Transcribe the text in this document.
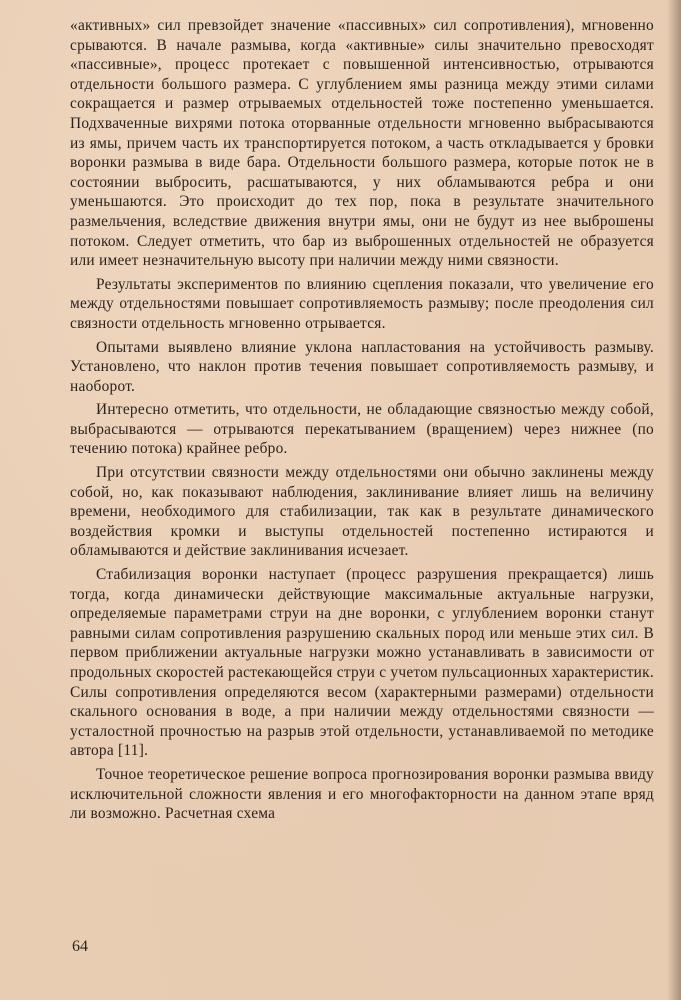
«активных» сил превзойдет значение «пассивных» сил сопротивления), мгновенно срываются. В начале размыва, когда «активные» силы значительно превосходят «пассивные», процесс протекает с повышенной интенсивностью, отрываются отдельности большого размера. С углублением ямы разница между этими силами сокращается и размер отрываемых отдельностей тоже постепенно уменьшается. Подхваченные вихрями потока оторванные отдельности мгновенно выбрасываются из ямы, причем часть их транспортируется потоком, а часть откладывается у бровки воронки размыва в виде бара. Отдельности большого размера, которые поток не в состоянии выбросить, расшатываются, у них обламываются ребра и они уменьшаются. Это происходит до тех пор, пока в результате значительного размельчения, вследствие движения внутри ямы, они не будут из нее выброшены потоком. Следует отметить, что бар из выброшенных отдельностей не образуется или имеет незначительную высоту при наличии между ними связности.

Результаты экспериментов по влиянию сцепления показали, что увеличение его между отдельностями повышает сопротивляемость размыву; после преодоления сил связности отдельность мгновенно отрывается.

Опытами выявлено влияние уклона напластования на устойчивость размыву. Установлено, что наклон против течения повышает сопротивляемость размыву, и наоборот.

Интересно отметить, что отдельности, не обладающие связностью между собой, выбрасываются — отрываются перекатыванием (вращением) через нижнее (по течению потока) крайнее ребро.

При отсутствии связности между отдельностями они обычно заклинены между собой, но, как показывают наблюдения, заклинивание влияет лишь на величину времени, необходимого для стабилизации, так как в результате динамического воздействия кромки и выступы отдельностей постепенно истираются и обламываются и действие заклинивания исчезает.

Стабилизация воронки наступает (процесс разрушения прекращается) лишь тогда, когда динамически действующие максимальные актуальные нагрузки, определяемые параметрами струи на дне воронки, с углублением воронки станут равными силам сопротивления разрушению скальных пород или меньше этих сил. В первом приближении актуальные нагрузки можно устанавливать в зависимости от продольных скоростей растекающейся струи с учетом пульсационных характеристик. Силы сопротивления определяются весом (характерными размерами) отдельности скального основания в воде, а при наличии между отдельностями связности — усталостной прочностью на разрыв этой отдельности, устанавливаемой по методике автора [11].

Точное теоретическое решение вопроса прогнозирования воронки размыва ввиду исключительной сложности явления и его многофакторности на данном этапе вряд ли возможно. Расчетная схема

64
